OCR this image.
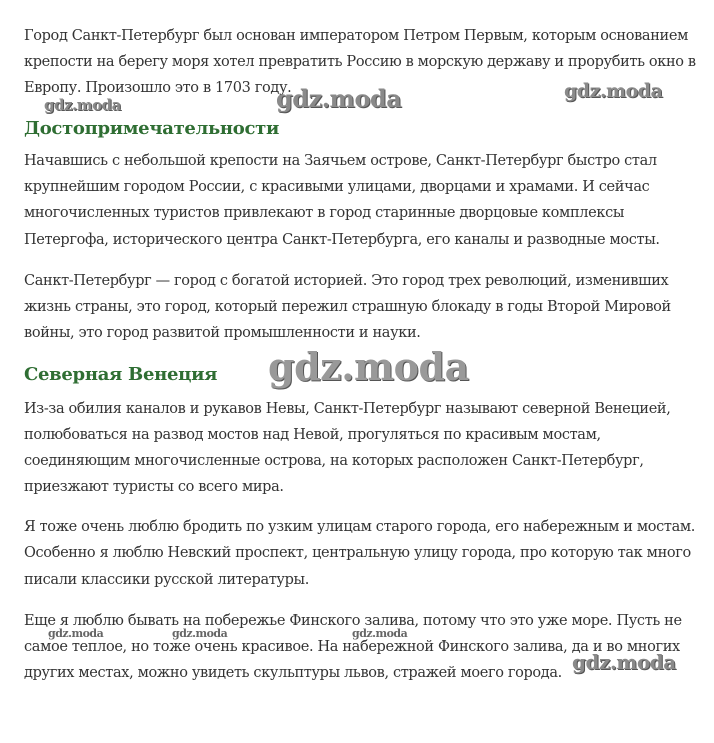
Достопримечательности
Северная Венеция
Город Санкт-Петербург был основан императором Петром Первым, которым основанием
крепости на берегу моря хотел превратить Россию в морскую державу и прорубить окно в
Европу. Произошло это в 1703 году.
Начавшись с небольшой крепости на Заячьем острове, Санкт-Петербург быстро стал
крупнейшим городом России, с красивыми улицами, дворцами и храмами. И сейчас
многочисленных туристов привлекают в город старинные дворцовые комплексы
Петергофа, исторического центра Санкт-Петербурга, его каналы и разводные мосты.
Санкт-Петербург — город с богатой историей. Это город трех революций, изменивших
жизнь страны, это город, который пережил страшную блокаду в годы Второй Мировой
войны, это город развитой промышленности и науки.
Из-за обилия каналов и рукавов Невы, Санкт-Петербург называют северной Венецией,
полюбоваться на развод мостов над Невой, прогуляться по красивым мостам,
соединяющим многочисленные острова, на которых расположен Санкт-Петербург,
приезжают туристы со всего мира.
Я тоже очень люблю бродить по узким улицам старого города, его набережным и мостам.
Особенно я люблю Невский проспект, центральную улицу города, про которую так много
писали классики русской литературы.
Еще я люблю бывать на побережье Финского залива, потому что это уже море. Пусть не
самое теплое, но тоже очень красивое. На набережной Финского залива, да и во многих
других местах, можно увидеть скульптуры львов, стражей моего города.
gdz.moda	gdz.moda	gdz.moda
gdz.moda
gdz.moda	gdz.moda	gdz.moda
gdz.moda
